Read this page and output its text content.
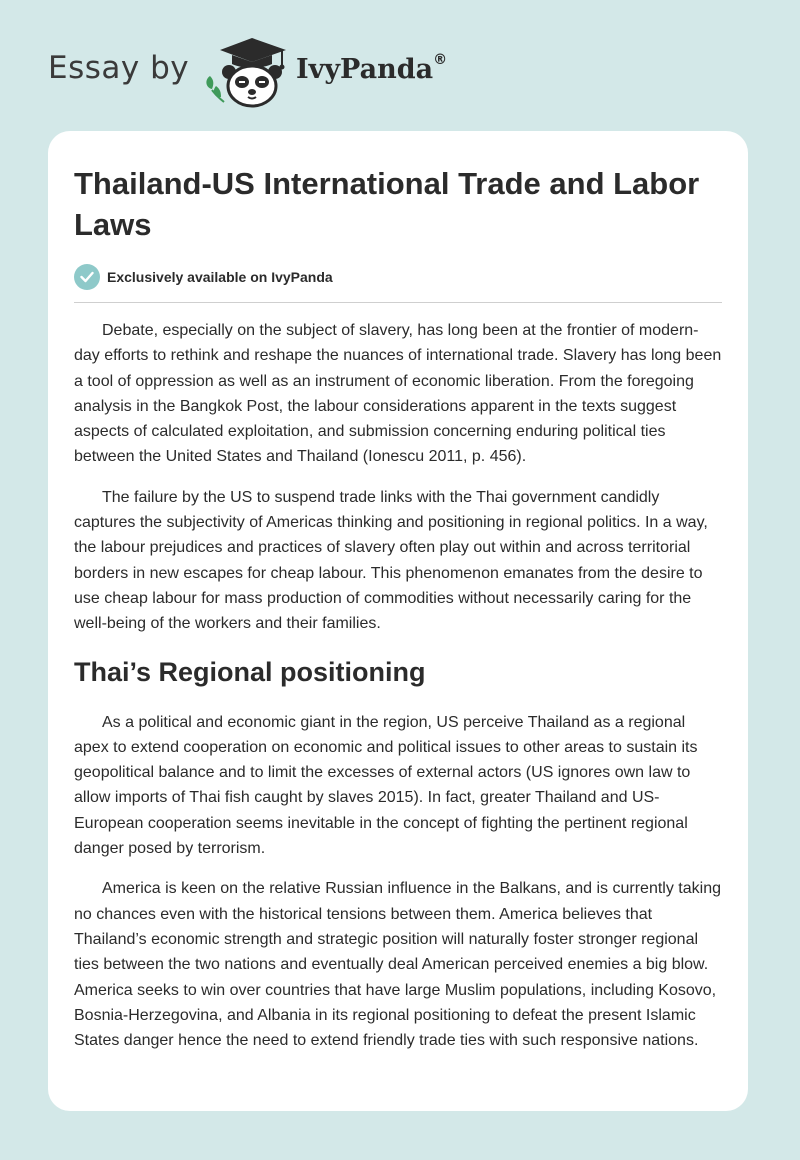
Essay by	IvyPanda®
Thailand-US International Trade and Labor Laws
Exclusively available on IvyPanda

Debate, especially on the subject of slavery, has long been at the frontier of modern-day efforts to rethink and reshape the nuances of international trade. Slavery has long been a tool of oppression as well as an instrument of economic liberation. From the foregoing analysis in the Bangkok Post, the labour considerations apparent in the texts suggest aspects of calculated exploitation, and submission concerning enduring political ties between the United States and Thailand (Ionescu 2011, p. 456).

The failure by the US to suspend trade links with the Thai government candidly captures the subjectivity of Americas thinking and positioning in regional politics. In a way, the labour prejudices and practices of slavery often play out within and across territorial borders in new escapes for cheap labour. This phenomenon emanates from the desire to use cheap labour for mass production of commodities without necessarily caring for the well-being of the workers and their families.

Thai’s Regional positioning

As a political and economic giant in the region, US perceive Thailand as a regional apex to extend cooperation on economic and political issues to other areas to sustain its geopolitical balance and to limit the excesses of external actors (US ignores own law to allow imports of Thai fish caught by slaves 2015). In fact, greater Thailand and US-European cooperation seems inevitable in the concept of fighting the pertinent regional danger posed by terrorism.

America is keen on the relative Russian influence in the Balkans, and is currently taking no chances even with the historical tensions between them. America believes that Thailand’s economic strength and strategic position will naturally foster stronger regional ties between the two nations and eventually deal American perceived enemies a big blow. America seeks to win over countries that have large Muslim populations, including Kosovo, Bosnia-Herzegovina, and Albania in its regional positioning to defeat the present Islamic States danger hence the need to extend friendly trade ties with such responsive nations.
